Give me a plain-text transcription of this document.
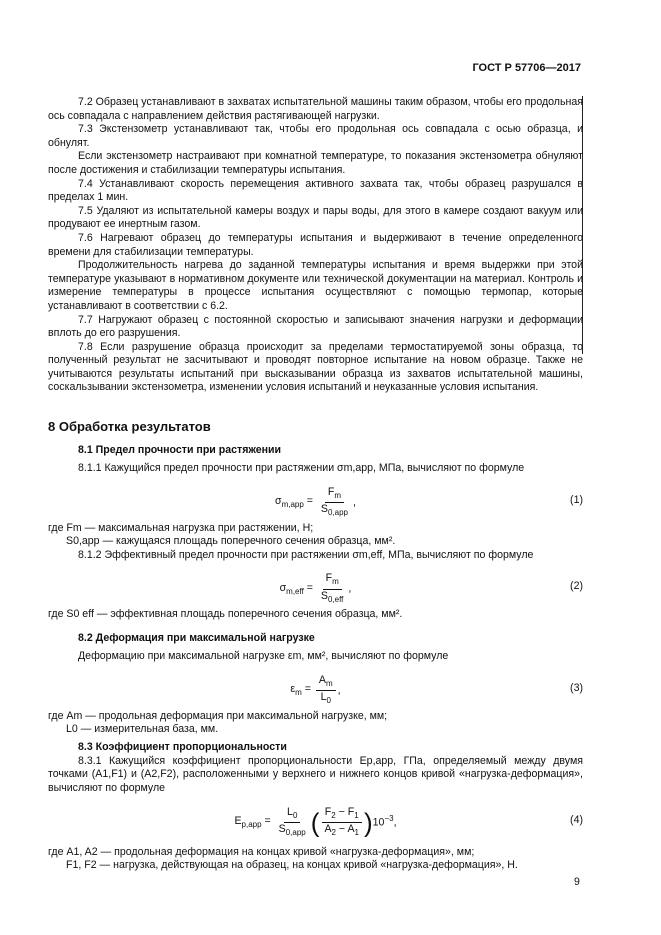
ГОСТ Р 57706—2017

7.2 Образец устанавливают в захватах испытательной машины таким образом, чтобы его продольная ось совпадала с направлением действия растягивающей нагрузки.

7.3 Экстензометр устанавливают так, чтобы его продольная ось совпадала с осью образца, и обнулят.

Если экстензометр настраивают при комнатной температуре, то показания экстензометра обнуляют после достижения и стабилизации температуры испытания.

7.4 Устанавливают скорость перемещения активного захвата так, чтобы образец разрушался в пределах 1 мин.

7.5 Удаляют из испытательной камеры воздух и пары воды, для этого в камере создают вакуум или продувают ее инертным газом.

7.6 Нагревают образец до температуры испытания и выдерживают в течение определенного времени для стабилизации температуры.

Продолжительность нагрева до заданной температуры испытания и время выдержки при этой температуре указывают в нормативном документе или технической документации на материал. Контроль и измерение температуры в процессе испытания осуществляют с помощью термопар, которые устанавливают в соответствии с 6.2.

7.7 Нагружают образец с постоянной скоростью и записывают значения нагрузки и деформации вплоть до его разрушения.

7.8 Если разрушение образца происходит за пределами термостатируемой зоны образца, то полученный результат не засчитывают и проводят повторное испытание на новом образце. Также не учитываются результаты испытаний при высказывании образца из захватов испытательной машины, соскальзывании экстензометра, изменении условия испытаний и неуказанные условия испытания.

8 Обработка результатов
8.1 Предел прочности при растяжении

8.1.1 Кажущийся предел прочности при растяжении σm,app, МПа, вычисляют по формуле

$\sigma_{m,app}$ =
$F_m$
$S_{0,app}$
,	(1)

где Fm — максимальная нагрузка при растяжении, Н;

S0,app — кажущаяся площадь поперечного сечения образца, мм².

8.1.2 Эффективный предел прочности при растяжении σm,eff, МПа, вычисляют по формуле

$\sigma_{m,eff}$ =
$F_m$
$S_{0,eff}$
,	(2)

где S0 eff — эффективная площадь поперечного сечения образца, мм².

8.2 Деформация при максимальной нагрузке

Деформацию при максимальной нагрузке εm, мм², вычисляют по формуле

$\varepsilon_m = \frac{A_m}{L_0}$ ,	(3)

где Am — продольная деформация при максимальной нагрузке, мм;

L0 — измерительная база, мм.

8.3 Коэффициент пропорциональности

8.3.1 Кажущийся коэффициент пропорциональности Ep,app, ГПа, определяемый между двумя точками (A1,F1) и (A2,F2), расположенными у верхнего и нижнего концов кривой «нагрузка-деформация», вычисляют по формуле

$E_{p,app}$ =
$L_0$
$S_{0,app}$ ( $\frac{F_2 - F_1}{A_2 - A_1} )10^{-3}$,	(4)

где A1, A2 — продольная деформация на концах кривой «нагрузка-деформация», мм;

F1, F2 — нагрузка, действующая на образец, на концах кривой «нагрузка-деформация», Н.

9
